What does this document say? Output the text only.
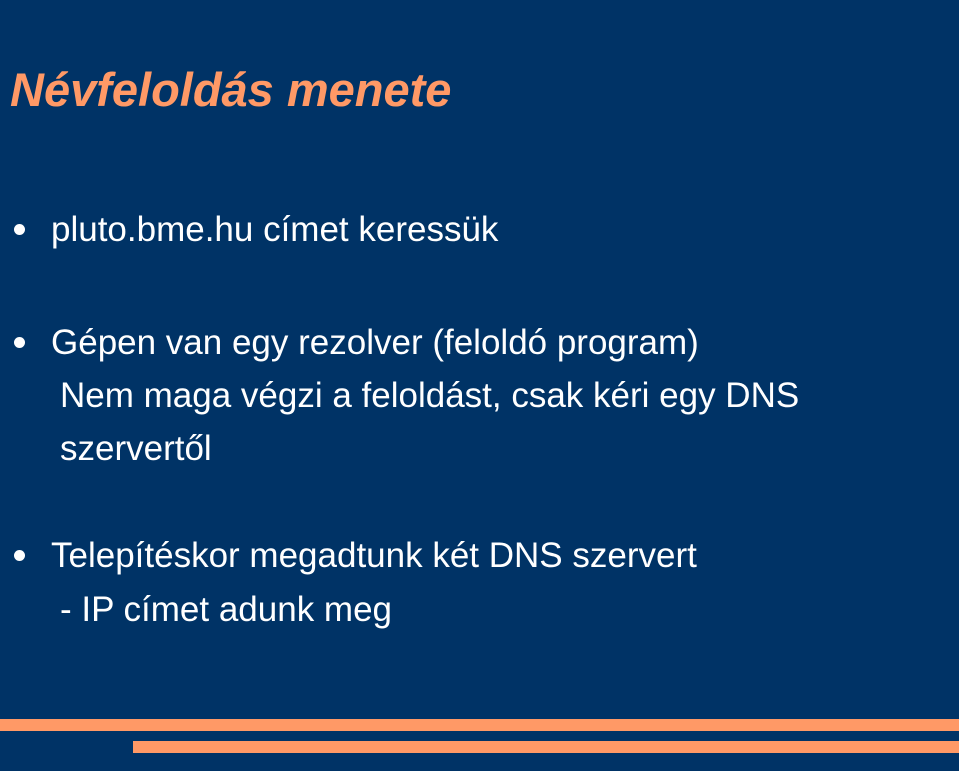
Névfeloldás menete
pluto.bme.hu címet keressük
Gépen van egy rezolver (feloldó program)
Nem maga végzi a feloldást, csak kéri egy DNS
szervertől
Telepítéskor megadtunk két DNS szervert
- IP címet adunk meg
